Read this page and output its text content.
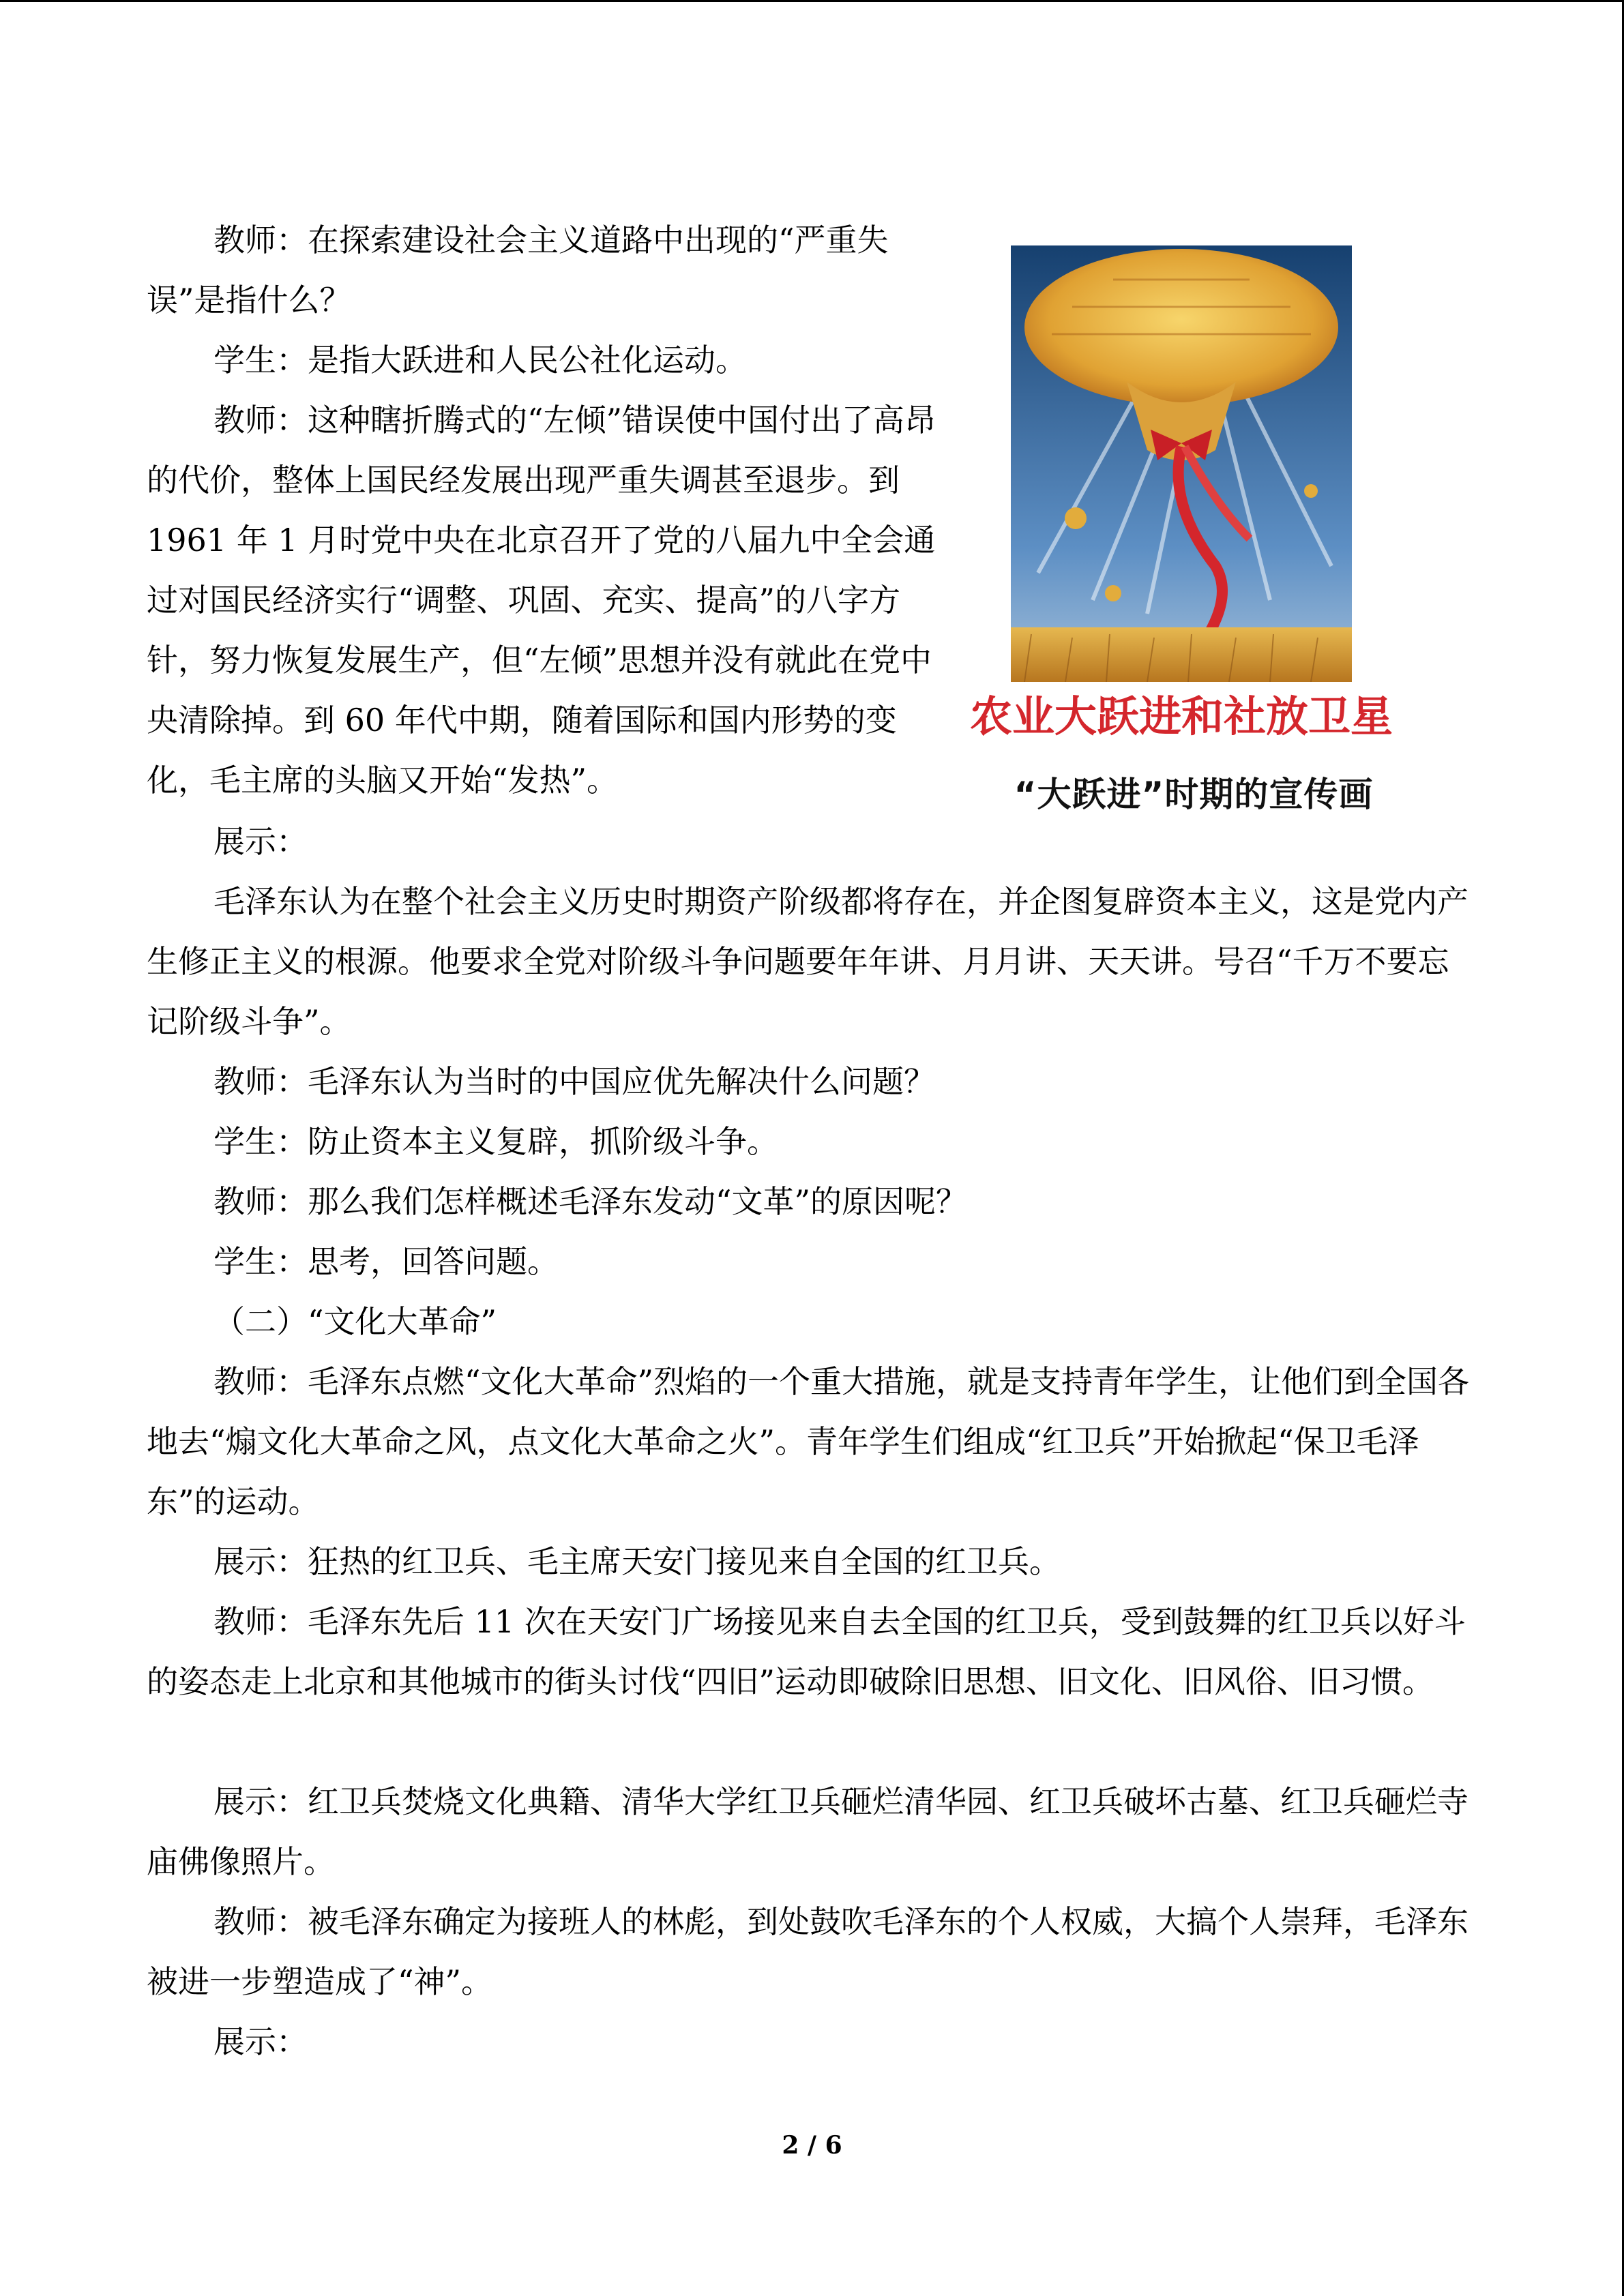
教师：在探索建设社会主义道路中出现的“严重失误”是指什么？

学生：是指大跃进和人民公社化运动。

教师：这种瞎折腾式的“左倾”错误使中国付出了高昂的代价，整体上国民经发展出现严重失调甚至退步。到 1961 年 1 月时党中央在北京召开了党的八届九中全会通过对国民经济实行“调整、巩固、充实、提高”的八字方针，努力恢复发展生产，但“左倾”思想并没有就此在党中央清除掉。到 60 年代中期，随着国际和国内形势的变化，毛主席的头脑又开始“发热”。

农业大跃进和社放卫星
“大跃进”时期的宣传画

展示：

毛泽东认为在整个社会主义历史时期资产阶级都将存在，并企图复辟资本主义，这是党内产生修正主义的根源。他要求全党对阶级斗争问题要年年讲、月月讲、天天讲。号召“千万不要忘记阶级斗争”。

教师：毛泽东认为当时的中国应优先解决什么问题？

学生：防止资本主义复辟，抓阶级斗争。

教师：那么我们怎样概述毛泽东发动“文革”的原因呢？

学生：思考，回答问题。

（二）“文化大革命”

教师：毛泽东点燃“文化大革命”烈焰的一个重大措施，就是支持青年学生，让他们到全国各地去“煽文化大革命之风，点文化大革命之火”。青年学生们组成“红卫兵”开始掀起“保卫毛泽东”的运动。

展示：狂热的红卫兵、毛主席天安门接见来自全国的红卫兵。

教师：毛泽东先后 11 次在天安门广场接见来自去全国的红卫兵，受到鼓舞的红卫兵以好斗的姿态走上北京和其他城市的街头讨伐“四旧”运动即破除旧思想、旧文化、旧风俗、旧习惯。

展示：红卫兵焚烧文化典籍、清华大学红卫兵砸烂清华园、红卫兵破坏古墓、红卫兵砸烂寺庙佛像照片。

教师：被毛泽东确定为接班人的林彪，到处鼓吹毛泽东的个人权威，大搞个人崇拜，毛泽东被进一步塑造成了“神”。

展示：

2 / 6
